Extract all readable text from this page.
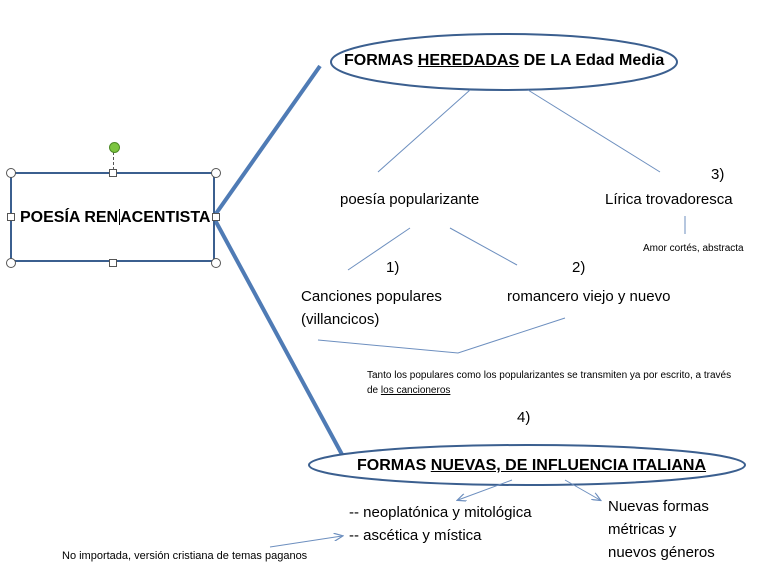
POESÍA REN ACENTISTA
FORMAS HEREDADAS DE LA Edad Media
poesía popularizante
3)
Lírica trovadoresca
Amor cortés, abstracta
1)
Canciones populares
(villancicos)
2)
romancero viejo y nuevo
Tanto los populares como los popularizantes se transmiten ya por escrito, a través
de los cancioneros
4)
FORMAS NUEVAS, DE INFLUENCIA ITALIANA
-- neoplatónica y mitológica
-- ascética y mística
Nuevas formas
métricas y
nuevos géneros
No importada, versión cristiana de temas paganos
